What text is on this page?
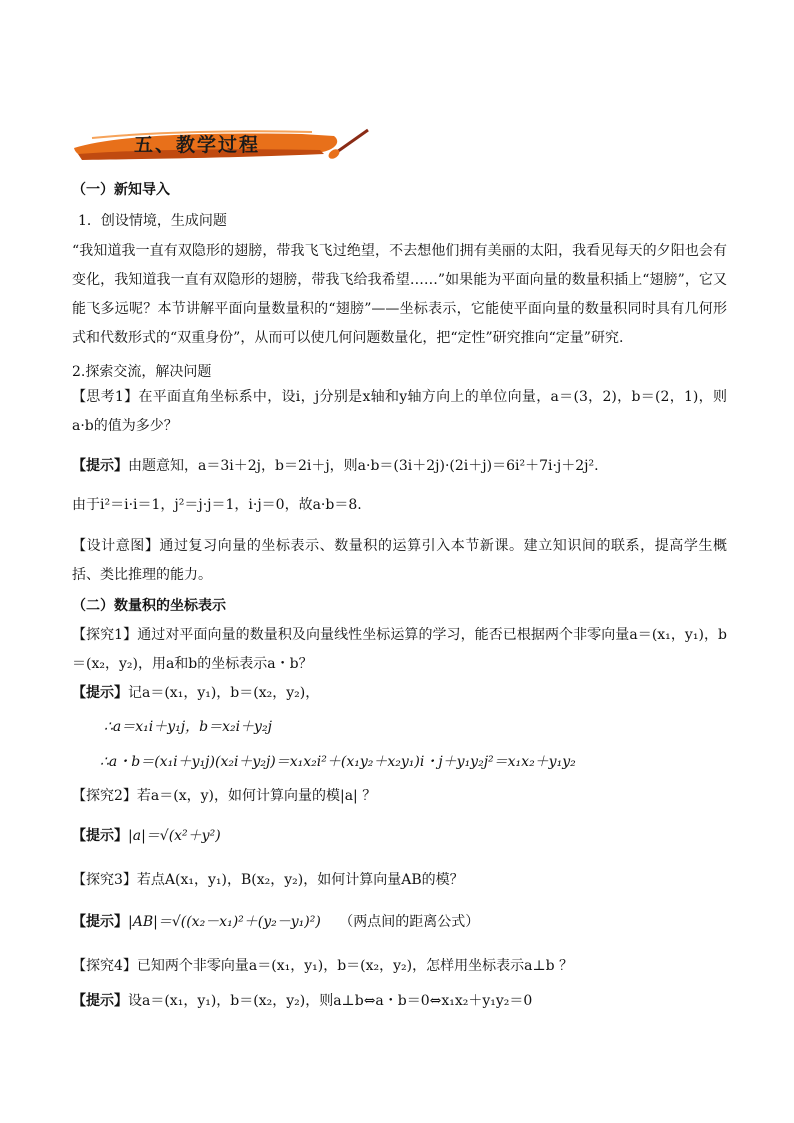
五、教学过程
（一）新知导入
1．创设情境，生成问题
“我知道我一直有双隐形的翅膀，带我飞飞过绝望，不去想他们拥有美丽的太阳，我看见每天的夕阳也会有变化，我知道我一直有双隐形的翅膀，带我飞给我希望……”如果能为平面向量的数量积插上“翅膀”，它又能飞多远呢？本节讲解平面向量数量积的“翅膀”——坐标表示，它能使平面向量的数量积同时具有几何形式和代数形式的“双重身份”，从而可以使几何问题数量化，把“定性”研究推向“定量”研究.
2.探索交流，解决问题
【思考1】在平面直角坐标系中，设i，j分别是x轴和y轴方向上的单位向量，a＝(3，2)，b＝(2，1)，则a·b的值为多少？
【提示】由题意知，a＝3i＋2j，b＝2i＋j，则a·b＝(3i＋2j)·(2i＋j)＝6i²＋7i·j＋2j².
由于i²＝i·i＝1，j²＝j·j＝1，i·j＝0，故a·b＝8.
【设计意图】通过复习向量的坐标表示、数量积的运算引入本节新课。建立知识间的联系，提高学生概括、类比推理的能力。
（二）数量积的坐标表示
【探究1】通过对平面向量的数量积及向量线性坐标运算的学习，能否已根据两个非零向量a＝(x₁，y₁)，b＝(x₂，y₂)，用a和b的坐标表示a・b？
【提示】记a＝(x₁，y₁)，b＝(x₂，y₂)，
∴a＝x₁i＋y₁j，b＝x₂i＋y₂j
∴a・b＝(x₁i＋y₁j)(x₂i＋y₂j)＝x₁x₂i²＋(x₁y₂＋x₂y₁)i・j＋y₁y₂j²＝x₁x₂＋y₁y₂
【探究2】若a＝(x，y)，如何计算向量的模|a| ？
【提示】|a|＝√(x²＋y²)
【探究3】若点A(x₁，y₁)，B(x₂，y₂)，如何计算向量AB的模？
【提示】|AB|＝√((x₂－x₁)²＋(y₂－y₁)²) （两点间的距离公式）
【探究4】已知两个非零向量a＝(x₁，y₁)，b＝(x₂，y₂)，怎样用坐标表示a⊥b ？
【提示】设a＝(x₁，y₁)，b＝(x₂，y₂)，则a⊥b⇔a・b＝0⇔x₁x₂＋y₁y₂＝0
